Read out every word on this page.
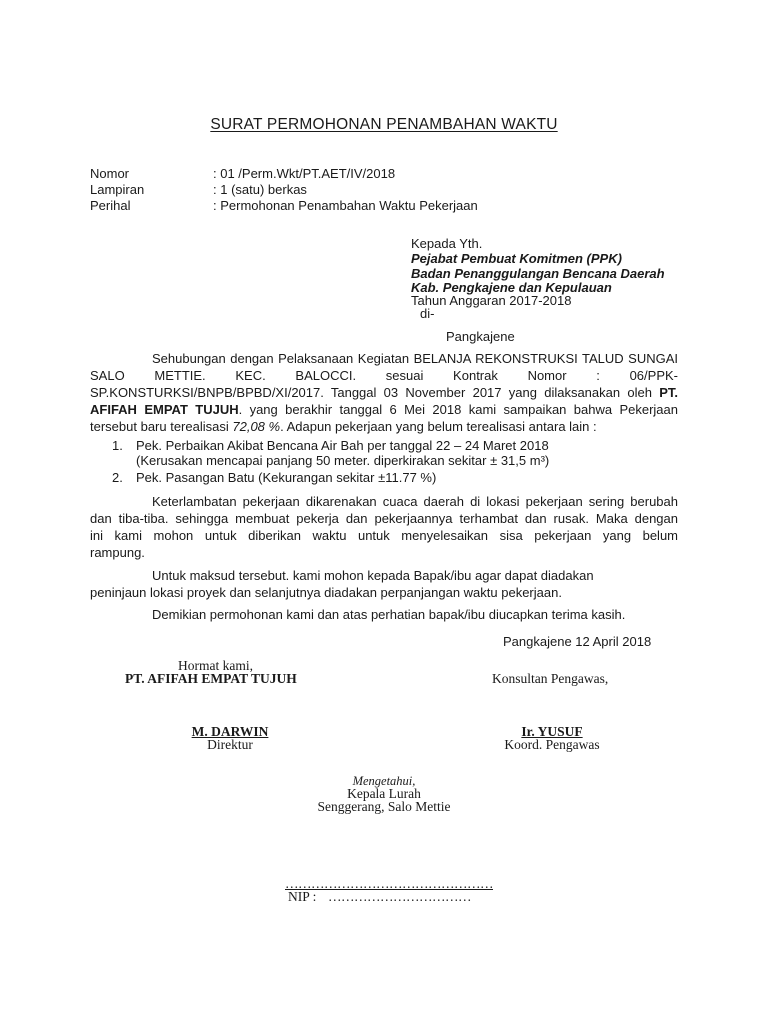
SURAT PERMOHONAN PENAMBAHAN WAKTU
Nomor	: 01 /Perm.Wkt/PT.AET/IV/2018
Lampiran	: 1 (satu) berkas
Perihal	: Permohonan Penambahan Waktu Pekerjaan
Kepada Yth.
Pejabat Pembuat Komitmen (PPK)
Badan Penanggulangan Bencana Daerah
Kab. Pengkajene dan Kepulauan
Tahun Anggaran 2017-2018
di-
Pangkajene
Sehubungan dengan Pelaksanaan Kegiatan BELANJA REKONSTRUKSI TALUD SUNGAI
SALO METTIE. KEC. BALOCCI. sesuai Kontrak Nomor : 06/PPK-
SP.KONSTURKSI/BNPB/BPBD/XI/2017. Tanggal 03 November 2017 yang dilaksanakan oleh PT.
AFIFAH EMPAT TUJUH. yang berakhir tanggal 6 Mei 2018 kami sampaikan bahwa Pekerjaan
tersebut baru terealisasi 72,08 %. Adapun pekerjaan yang belum terealisasi antara lain :
1. Pek. Perbaikan Akibat Bencana Air Bah per tanggal 22 – 24 Maret 2018
(Kerusakan mencapai panjang 50 meter. diperkirakan sekitar ± 31,5 m³)
2. Pek. Pasangan Batu (Kekurangan sekitar ±11.77 %)
Keterlambatan pekerjaan dikarenakan cuaca daerah di lokasi pekerjaan sering berubah
dan tiba-tiba. sehingga membuat pekerja dan pekerjaannya terhambat dan rusak. Maka dengan
ini kami mohon untuk diberikan waktu untuk menyelesaikan sisa pekerjaan yang belum
rampung.
Untuk maksud tersebut. kami mohon kepada Bapak/ibu agar dapat diadakan
peninjaun lokasi proyek dan selanjutnya diadakan perpanjangan waktu pekerjaan.
Demikian permohonan kami dan atas perhatian bapak/ibu diucapkan terima kasih.
Pangkajene 12 April 2018
Hormat kami,
PT. AFIFAH EMPAT TUJUH	Konsultan Pengawas,
M. DARWIN
Direktur
Ir. YUSUF
Koord. Pengawas
Mengetahui,
Kepala Lurah
Senggerang, Salo Mettie
…………………………………………
NIP : ……………………………
